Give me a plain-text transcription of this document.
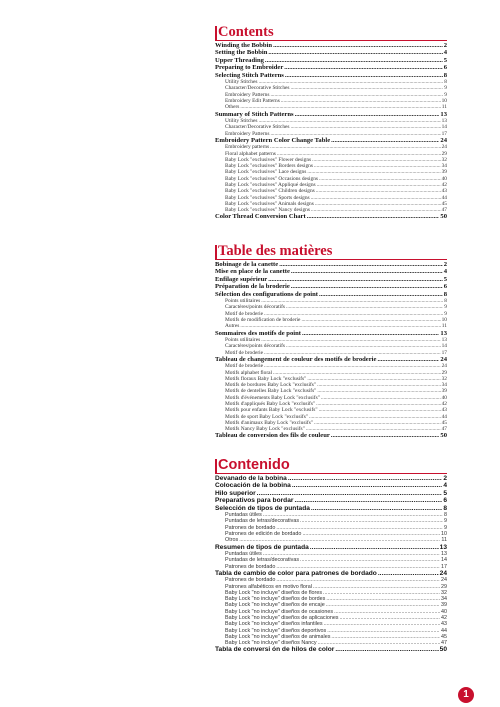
Contents
Winding the Bobbin .....	2
Setting the Bobbin .....	4
Upper Threading .....	5
Preparing to Embroider .....	6
Selecting Stitch Patterns .....	8
Utility Stitches .....	8
Character/Decorative Stitches .....	9
Embroidery Patterns .....	9
Embroidery Edit Patterns .....	10
Others .....	11
Summary of Stitch Patterns .....	13
Utility Stitches .....	13
Character/Decorative Stitches .....	14
Embroidery Patterns .....	17
Embroidery Pattern Color Change Table .....	24
Embroidery patterns .....	24
Floral alphabet patterns .....	29
Baby Lock "exclusives" Flower designs .....	32
Baby Lock "exclusives" Borders designs .....	34
Baby Lock "exclusives" Lace designs .....	39
Baby Lock "exclusives" Occasions designs .....	40
Baby Lock "exclusives" Appliqué designs .....	42
Baby Lock "exclusives" Children designs .....	43
Baby Lock "exclusives" Sports designs .....	44
Baby Lock "exclusives" Animals designs .....	45
Baby Lock "exclusives" Nancy designs .....	47
Color Thread Conversion Chart .....	50
Table des matières
Bobinage de la canette .....	2
Mise en place de la canette .....	4
Enfilage supérieur .....	5
Préparation de la broderie .....	6
Sélection des configurations de point .....	8
Points utilitaires .....	8
Caractères/points décoratifs .....	9
Motif de broderie .....	9
Motifs de modification de broderie .....	10
Autres .....	11
Sommaires des motifs de point .....	13
Points utilitaires .....	13
Caractères/points décoratifs .....	14
Motif de broderie .....	17
Tableau de changement de couleur des motifs de broderie .....	24
Motif de broderie .....	24
Motifs alphabet floral .....	29
Motifs floraux Baby Lock "exclusifs" .....	32
Motifs de bordures Baby Lock "exclusifs" .....	34
Motifs de dentelles Baby Lock "exclusifs" .....	39
Motifs d'événements Baby Lock "exclusifs" .....	40
Motifs d'appliqués Baby Lock "exclusifs" .....	42
Motifs pour enfants Baby Lock "exclusifs" .....	43
Motifs de sport Baby Lock "exclusifs" .....	44
Motifs d'animaux Baby Lock "exclusifs" .....	45
Motifs Nancy Baby Lock "exclusifs" .....	47
Tableau de conversion des fils de couleur .....	50
Contenido
Devanado de la bobina .....	2
Colocación de la bobina .....	4
Hilo superior .....	5
Preparativos para bordar .....	6
Selección de tipos de puntada .....	8
Puntadas útiles .....	8
Puntadas de letras/decorativas .....	9
Patrones de bordado .....	9
Patrones de edición de bordado .....	10
Otros .....	11
Resumen de tipos de puntada .....	13
Puntadas útiles .....	13
Puntadas de letras/decorativas .....	14
Patrones de bordado .....	17
Tabla de cambio de color para patrones de bordado .....	24
Patrones de bordado .....	24
Patrones alfabéticos en motivo floral .....	29
Baby Lock "no incluye" diseños de flores .....	32
Baby Lock "no incluye" diseños de bordes .....	34
Baby Lock "no incluye" diseños de encaje .....	39
Baby Lock "no incluye" diseños de ocasiones .....	40
Baby Lock "no incluye" diseños de aplicaciones .....	42
Baby Lock "no incluye" diseños infantiles .....	43
Baby Lock "no incluye" diseños deportivos .....	44
Baby Lock "no incluye" diseños de animales .....	45
Baby Lock "no incluye" diseños Nancy .....	47
Tabla de conversi ón de hilos de color .....	50
1
